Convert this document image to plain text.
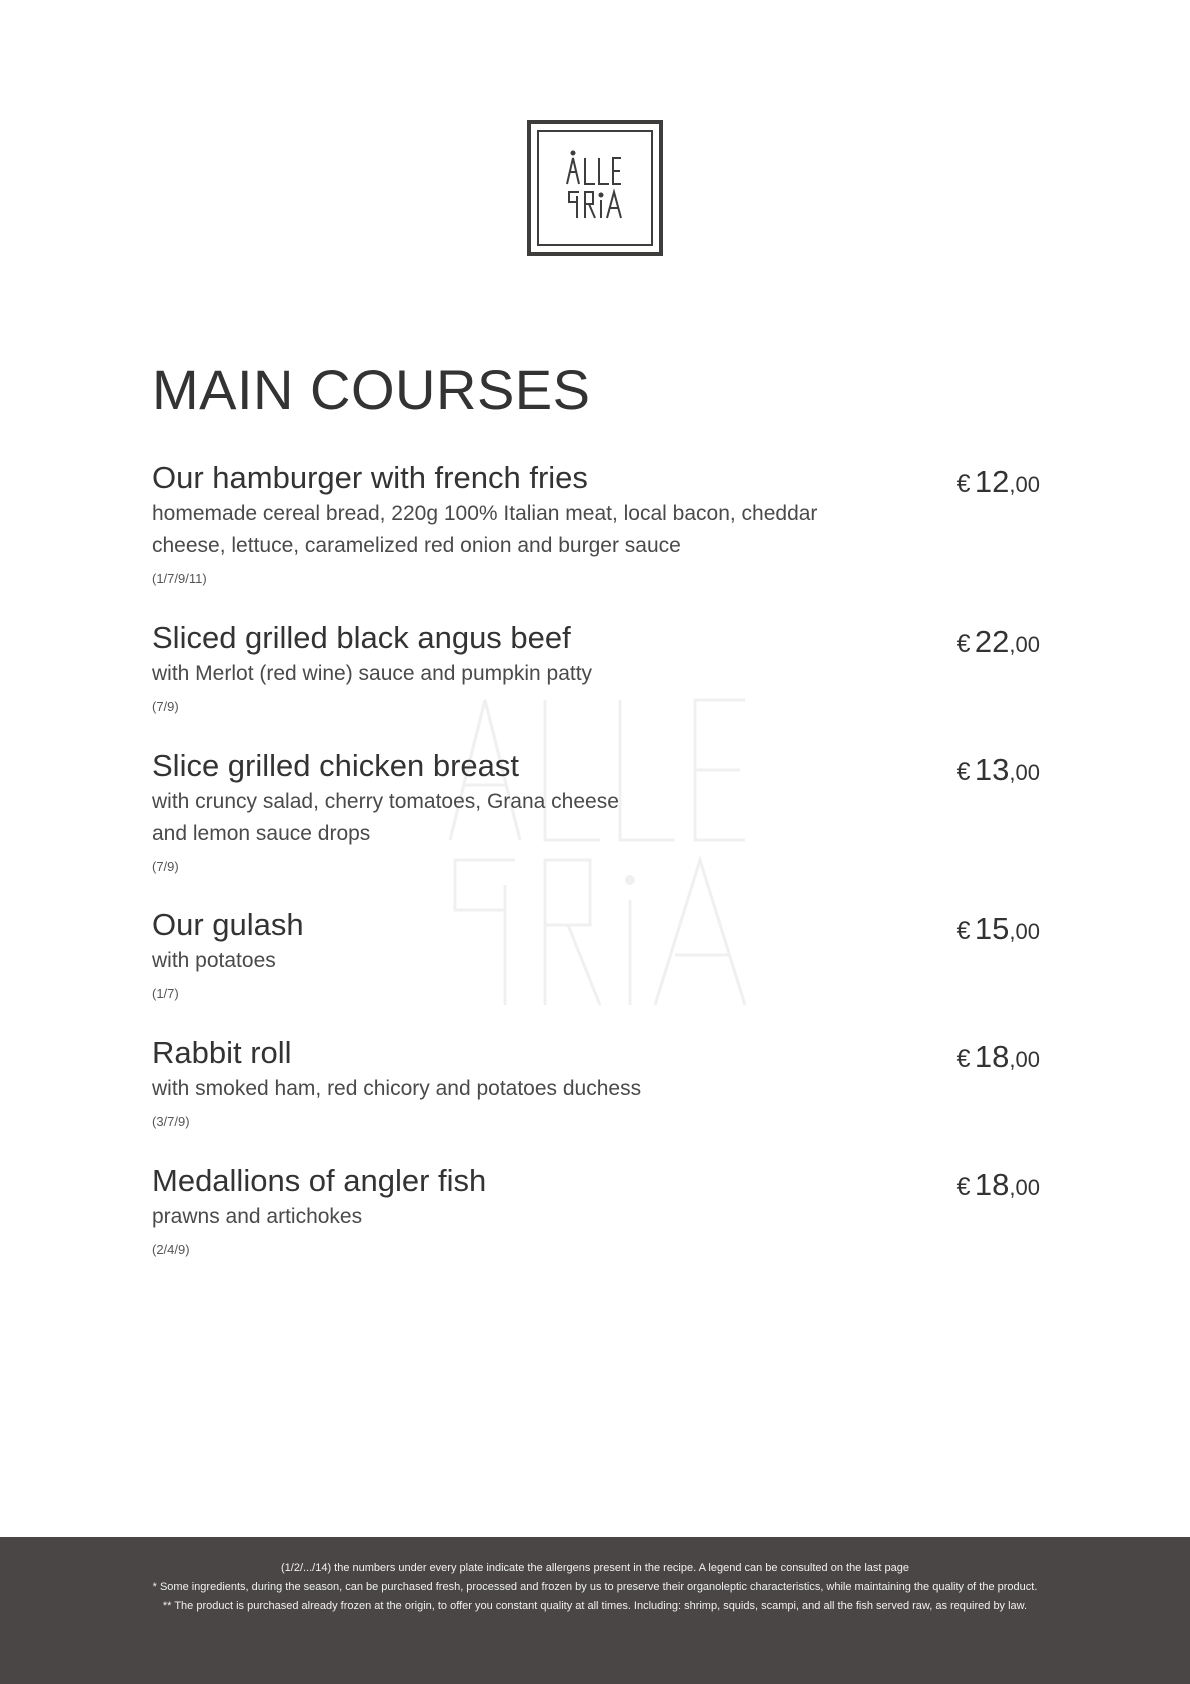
MAIN COURSES
Our hamburger with french fries
homemade cereal bread, 220g 100% Italian meat, local bacon, cheddar
cheese, lettuce, caramelized red onion and burger sauce
(1/7/9/11)
€ 12,00
Sliced grilled black angus beef
with Merlot (red wine) sauce and pumpkin patty
(7/9)
€ 22,00
Slice grilled chicken breast
with cruncy salad, cherry tomatoes, Grana cheese
and lemon sauce drops
(7/9)
€ 13,00
Our gulash
with potatoes
(1/7)
€ 15,00
Rabbit roll
with smoked ham, red chicory and potatoes duchess
(3/7/9)
€ 18,00
Medallions of angler fish
prawns and artichokes
(2/4/9)
€ 18,00
(1/2/.../14) the numbers under every plate indicate the allergens present in the recipe. A legend can be consulted on the last page
* Some ingredients, during the season, can be purchased fresh, processed and frozen by us to preserve their organoleptic characteristics, while maintaining the quality of the product.
** The product is purchased already frozen at the origin, to offer you constant quality at all times. Including: shrimp, squids, scampi, and all the fish served raw, as required by law.
